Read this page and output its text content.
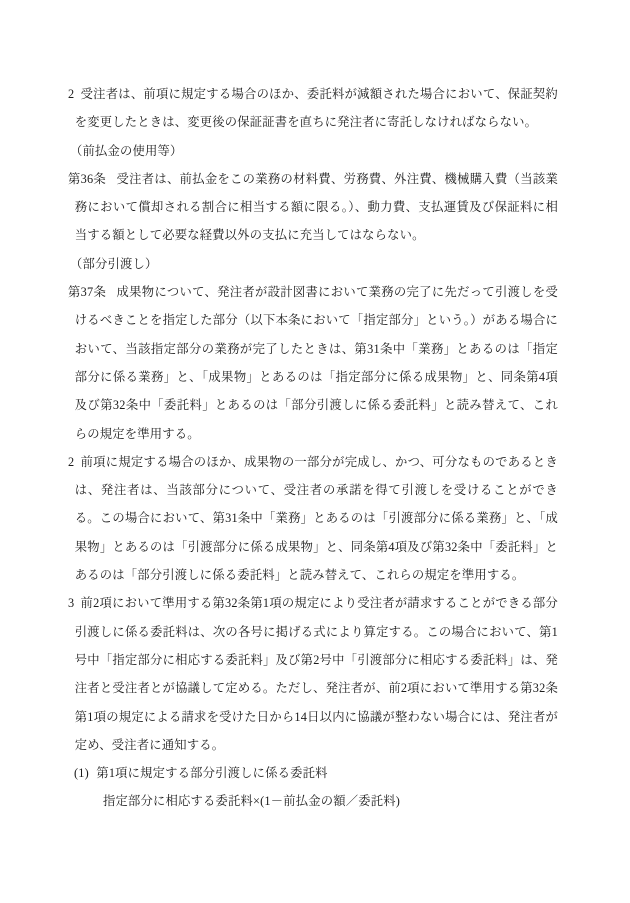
2 受注者は、前項に規定する場合のほか、委託料が減額された場合において、保証契約を変更したときは、変更後の保証証書を直ちに発注者に寄託しなければならない。

（前払金の使用等）

第36条 受注者は、前払金をこの業務の材料費、労務費、外注費、機械購入費（当該業務において償却される割合に相当する額に限る。）、動力費、支払運賃及び保証料に相当する額として必要な経費以外の支払に充当してはならない。

（部分引渡し）

第37条 成果物について、発注者が設計図書において業務の完了に先だって引渡しを受けるべきことを指定した部分（以下本条において「指定部分」という。）がある場合において、当該指定部分の業務が完了したときは、第31条中「業務」とあるのは「指定部分に係る業務」と、「成果物」とあるのは「指定部分に係る成果物」と、同条第4項及び第32条中「委託料」とあるのは「部分引渡しに係る委託料」と読み替えて、これらの規定を準用する。

2 前項に規定する場合のほか、成果物の一部分が完成し、かつ、可分なものであるときは、発注者は、当該部分について、受注者の承諾を得て引渡しを受けることができる。この場合において、第31条中「業務」とあるのは「引渡部分に係る業務」と、「成果物」とあるのは「引渡部分に係る成果物」と、同条第4項及び第32条中「委託料」とあるのは「部分引渡しに係る委託料」と読み替えて、これらの規定を準用する。

3 前2項において準用する第32条第1項の規定により受注者が請求することができる部分引渡しに係る委託料は、次の各号に掲げる式により算定する。この場合において、第1号中「指定部分に相応する委託料」及び第2号中「引渡部分に相応する委託料」は、発注者と受注者とが協議して定める。ただし、発注者が、前2項において準用する第32条第1項の規定による請求を受けた日から14日以内に協議が整わない場合には、発注者が定め、受注者に通知する。

(1) 第1項に規定する部分引渡しに係る委託料

指定部分に相応する委託料×(1－前払金の額／委託料)
